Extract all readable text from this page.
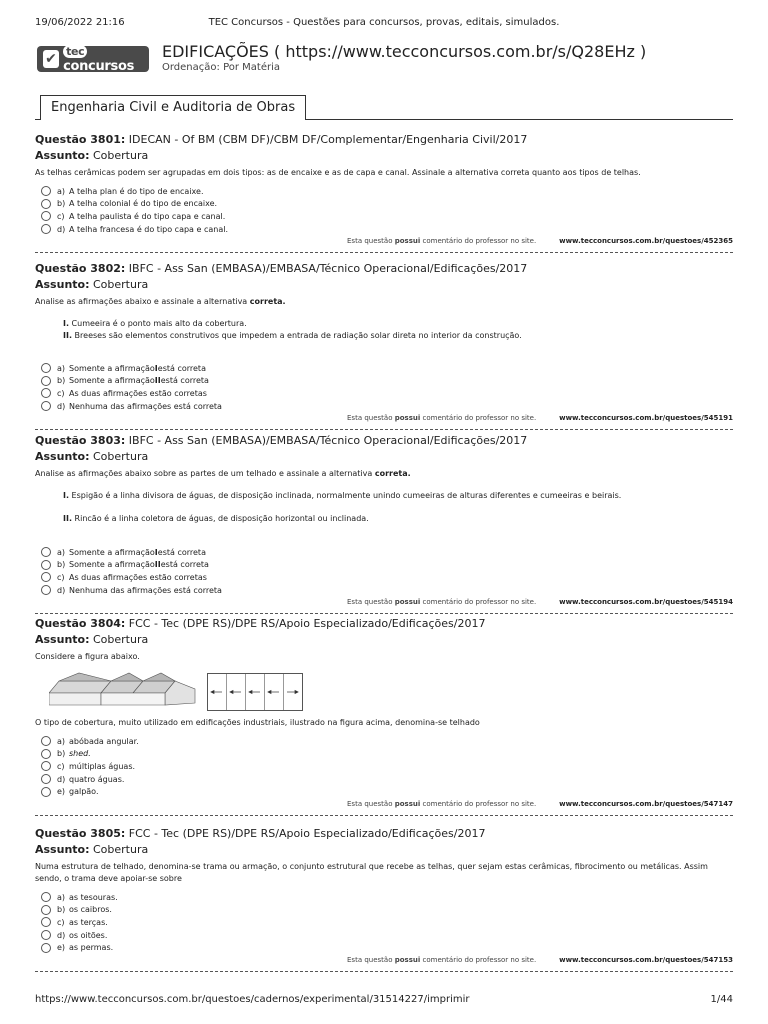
19/06/2022 21:16	TEC Concursos - Questões para concursos, provas, editais, simulados.
✔ tecconcursos
EDIFICAÇÕES ( https://www.tecconcursos.com.br/s/Q28EHz )
Ordenação: Por Matéria
Engenharia Civil e Auditoria de Obras
Questão 3801: IDECAN - Of BM (CBM DF)/CBM DF/Complementar/Engenharia Civil/2017
Assunto: Cobertura

As telhas cerâmicas podem ser agrupadas em dois tipos: as de encaixe e as de capa e canal. Assinale a alternativa correta quanto aos tipos de telhas.

a) A telha plan é do tipo de encaixe.
b) A telha colonial é do tipo de encaixe.
c) A telha paulista é do tipo capa e canal.
d) A telha francesa é do tipo capa e canal.
Esta questão possui comentário do professor no site.	www.tecconcursos.com.br/questoes/452365
Questão 3802: IBFC - Ass San (EMBASA)/EMBASA/Técnico Operacional/Edificações/2017
Assunto: Cobertura

Analise as afirmações abaixo e assinale a alternativa correta.

I. Cumeeira é o ponto mais alto da cobertura.

II. Breeses são elementos construtivos que impedem a entrada de radiação solar direta no interior da construção.

a) Somente a afirmação I está correta
b) Somente a afirmação II está correta
c) As duas afirmações estão corretas
d) Nenhuma das afirmações está correta
Esta questão possui comentário do professor no site.	www.tecconcursos.com.br/questoes/545191
Questão 3803: IBFC - Ass San (EMBASA)/EMBASA/Técnico Operacional/Edificações/2017
Assunto: Cobertura

Analise as afirmações abaixo sobre as partes de um telhado e assinale a alternativa correta.

I. Espigão é a linha divisora de águas, de disposição inclinada, normalmente unindo cumeeiras de alturas diferentes e cumeeiras e beirais.

II. Rincão é a linha coletora de águas, de disposição horizontal ou inclinada.

a) Somente a afirmação I está correta
b) Somente a afirmação II está correta
c) As duas afirmações estão corretas
d) Nenhuma das afirmações está correta
Esta questão possui comentário do professor no site.	www.tecconcursos.com.br/questoes/545194
Questão 3804: FCC - Tec (DPE RS)/DPE RS/Apoio Especializado/Edificações/2017
Assunto: Cobertura

Considere a figura abaixo.

O tipo de cobertura, muito utilizado em edificações industriais, ilustrado na figura acima, denomina-se telhado

a) abóbada angular.
b) shed.
c) múltiplas águas.
d) quatro águas.
e) galpão.
Esta questão possui comentário do professor no site.	www.tecconcursos.com.br/questoes/547147
Questão 3805: FCC - Tec (DPE RS)/DPE RS/Apoio Especializado/Edificações/2017
Assunto: Cobertura

Numa estrutura de telhado, denomina-se trama ou armação, o conjunto estrutural que recebe as telhas, quer sejam estas cerâmicas, fibrocimento ou metálicas. Assim sendo, o trama deve apoiar-se sobre

a) as tesouras.
b) os caibros.
c) as terças.
d) os oitões.
e) as permas.
Esta questão possui comentário do professor no site.	www.tecconcursos.com.br/questoes/547153
https://www.tecconcursos.com.br/questoes/cadernos/experimental/31514227/imprimir	1/44
